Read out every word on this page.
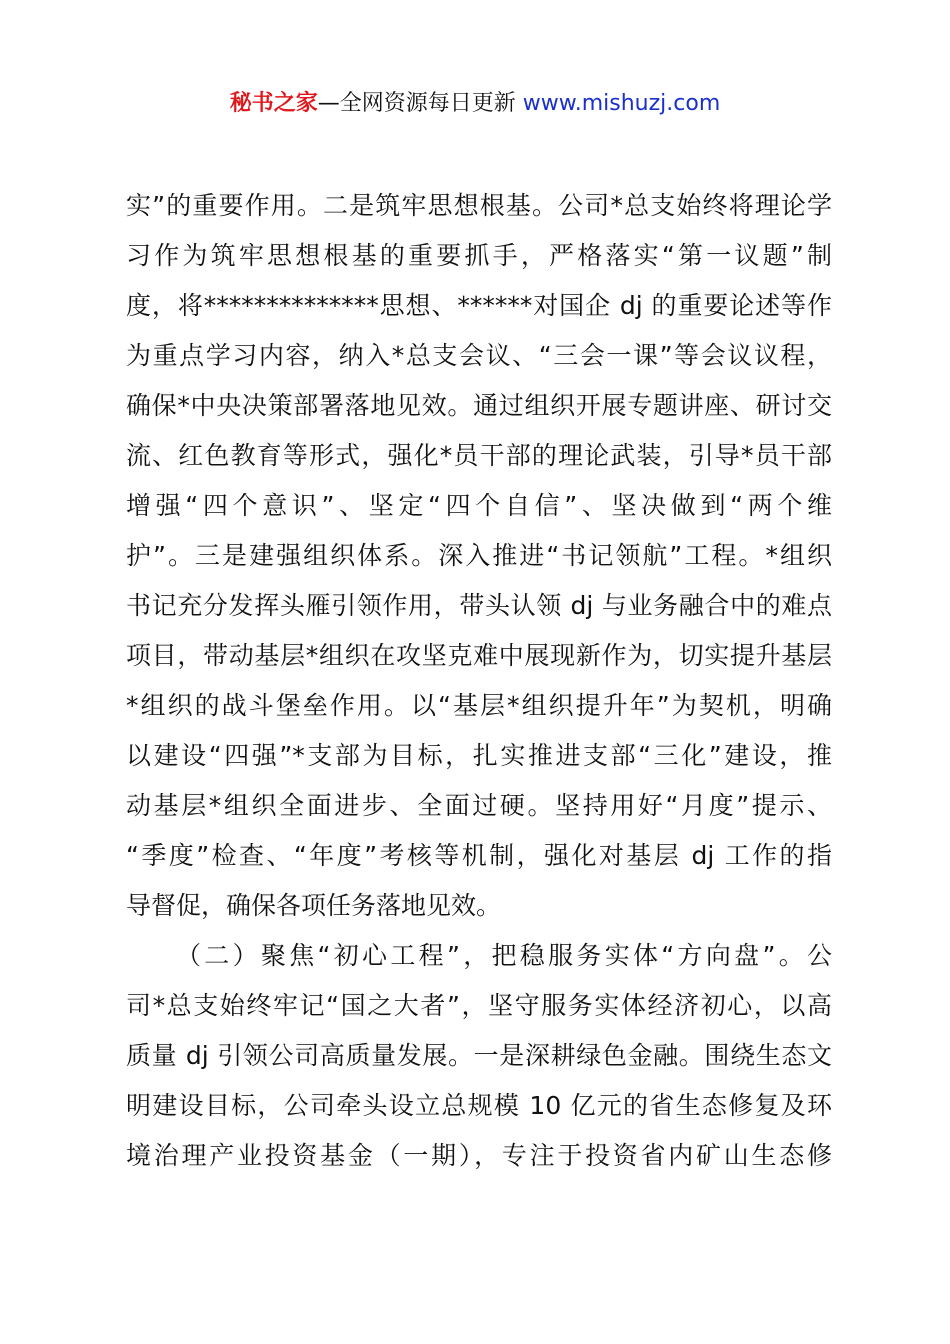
秘书之家—全网资源每日更新 www.mishuzj.com
实”的重要作用。二是筑牢思想根基。公司*总支始终将理论学
习作为筑牢思想根基的重要抓手，严格落实“第一议题”制
度，将**************思想、******对国企 dj 的重要论述等作
为重点学习内容，纳入*总支会议、“三会一课”等会议议程，
确保*中央决策部署落地见效。通过组织开展专题讲座、研讨交
流、红色教育等形式，强化*员干部的理论武装，引导*员干部
增强“四个意识”、坚定“四个自信”、坚决做到“两个维
护”。三是建强组织体系。深入推进“书记领航”工程。*组织
书记充分发挥头雁引领作用，带头认领 dj 与业务融合中的难点
项目，带动基层*组织在攻坚克难中展现新作为，切实提升基层
*组织的战斗堡垒作用。以“基层*组织提升年”为契机，明确
以建设“四强”*支部为目标，扎实推进支部“三化”建设，推
动基层*组织全面进步、全面过硬。坚持用好“月度”提示、
“季度”检查、“年度”考核等机制，强化对基层 dj 工作的指
导督促，确保各项任务落地见效。
（二）聚焦“初心工程”，把稳服务实体“方向盘”。公
司*总支始终牢记“国之大者”，坚守服务实体经济初心，以高
质量 dj 引领公司高质量发展。一是深耕绿色金融。围绕生态文
明建设目标，公司牵头设立总规模 10 亿元的省生态修复及环
境治理产业投资基金（一期），专注于投资省内矿山生态修
